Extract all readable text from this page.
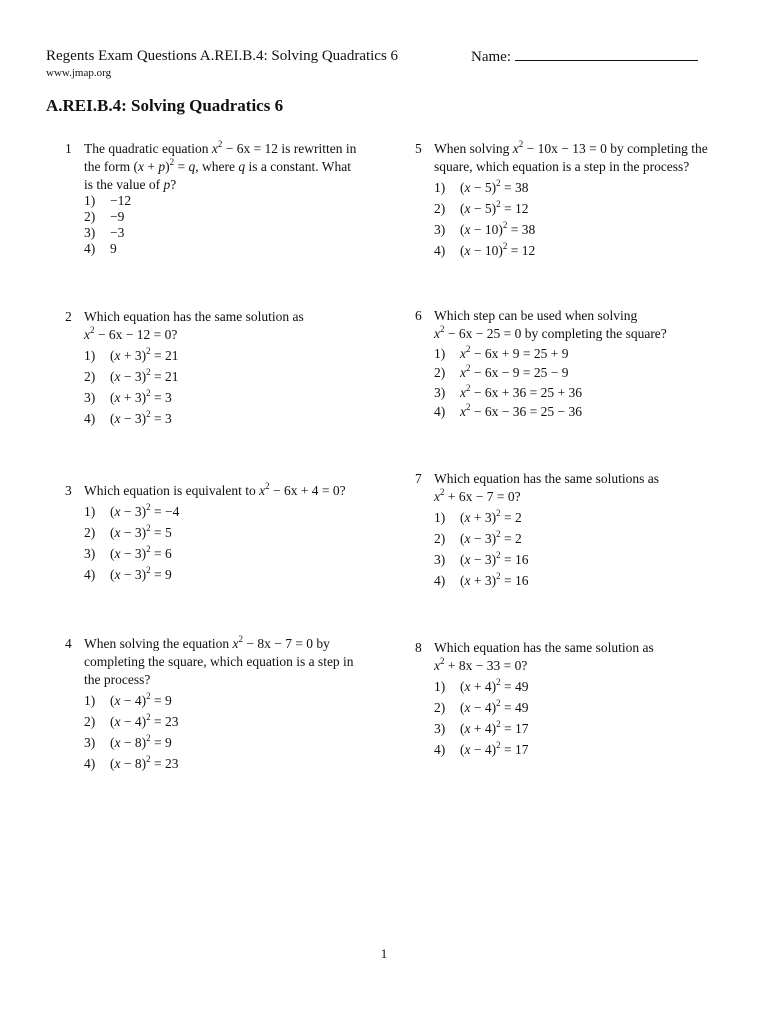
Regents Exam Questions A.REI.B.4: Solving Quadratics 6	Name:
www.jmap.org
A.REI.B.4: Solving Quadratics 6
1 The quadratic equation $x^2 - 6x = 12$ is rewritten in
the form $(x + p)^2 = q$, where q is a constant. What
is the value of p?
1)	−12
2)	−9
3)	−3
4)	9
2 Which equation has the same solution as
$x^2 - 6x - 12 = 0$?
1)	$(x + 3)^2 = 21$
2)	$(x - 3)^2 = 21$
3)	$(x + 3)^2 = 3$
4)	$(x - 3)^2 = 3$
3 Which equation is equivalent to $x^2 - 6x + 4 = 0$?
1)	$(x - 3)^2 = -4$
2)	$(x - 3)^2 = 5$
3)	$(x - 3)^2 = 6$
4)	$(x - 3)^2 = 9$
4 When solving the equation $x^2 - 8x - 7 = 0$ by
completing the square, which equation is a step in
the process?
1)	$(x - 4)^2 = 9$
2)	$(x - 4)^2 = 23$
3)	$(x - 8)^2 = 9$
4)	$(x - 8)^2 = 23$
5 When solving $x^2 - 10x - 13 = 0$ by completing the
square, which equation is a step in the process?
1)	$(x - 5)^2 = 38$
2)	$(x - 5)^2 = 12$
3)	$(x - 10)^2 = 38$
4)	$(x - 10)^2 = 12$
6 Which step can be used when solving
$x^2 - 6x - 25 = 0$ by completing the square?
1)	$x^2 - 6x + 9 = 25 + 9$
2)	$x^2 - 6x - 9 = 25 - 9$
3)	$x^2 - 6x + 36 = 25 + 36$
4)	$x^2 - 6x - 36 = 25 - 36$
7 Which equation has the same solutions as
$x^2 + 6x - 7 = 0$?
1)	$(x + 3)^2 = 2$
2)	$(x - 3)^2 = 2$
3)	$(x - 3)^2 = 16$
4)	$(x + 3)^2 = 16$
8 Which equation has the same solution as
$x^2 + 8x - 33 = 0$?
1)	$(x + 4)^2 = 49$
2)	$(x - 4)^2 = 49$
3)	$(x + 4)^2 = 17$
4)	$(x - 4)^2 = 17$
1
